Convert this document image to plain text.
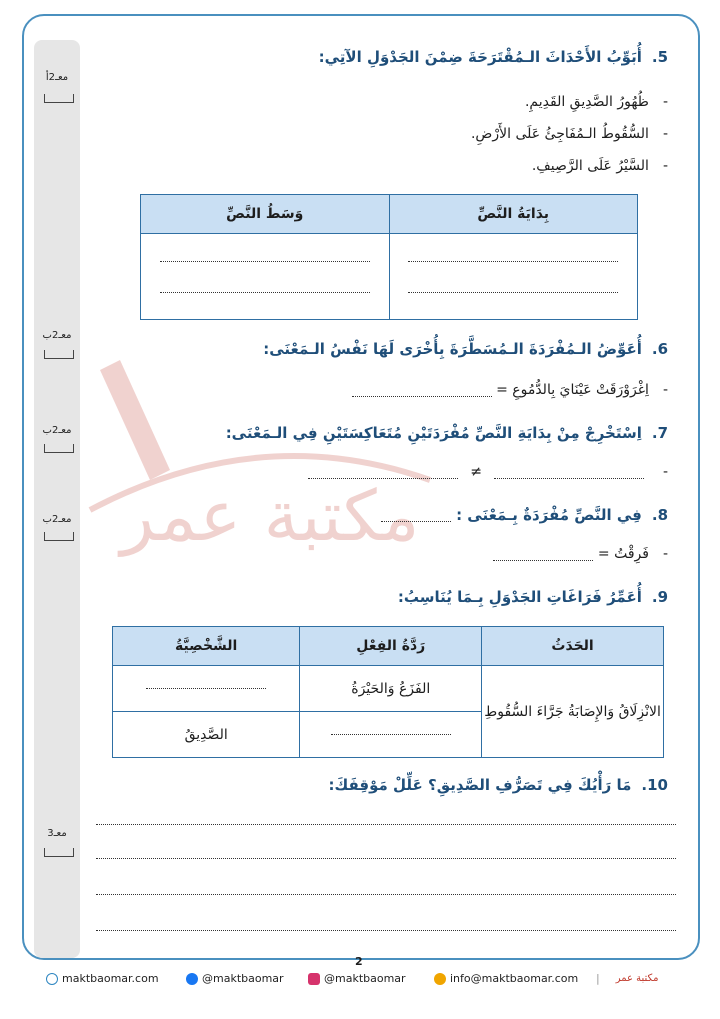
معـ2أ
معـ2ب
معـ2ب
معـ2ب
معـ3
مكتبة عمر
5.أُبَوِّبُ الأَحْدَاثَ الـمُقْتَرَحَةَ ضِمْنَ الجَدْوَلِ الآتِي:
-ظُهُورُ الصَّدِيقِ القَدِيمِ.
-السُّقُوطُ الـمُفَاجِئُ عَلَى الأَرْضِ.
-السَّيْرُ عَلَى الرَّصِيفِ.
بِدَايَةُ النَّصِّ	وَسَطُ النَّصِّ

6.أُعَوِّضُ الـمُفْرَدَةَ الـمُسَطَّرَةَ بِأُخْرَى لَهَا نَفْسُ الـمَعْنَى:
-اِغْرَوْرَقَتْ عَيْنَايَ بِالدُّمُوعِ =
7.اِسْتَخْرِجْ مِنْ بِدَايَةِ النَّصِّ مُفْرَدَتَيْنِ مُتَعَاكِسَتَيْنِ فِي الـمَعْنَى:
-  ≠
8.فِي النَّصِّ مُفْرَدَةٌ بِـمَعْنَى :
-فَرِقْتُ =
9.أُعَمِّرُ فَرَاغَاتِ الجَدْوَلِ بِـمَا يُنَاسِبُ:
الحَدَثُ	رَدَّةُ الفِعْلِ	الشَّخْصِيَّةُ
الانْزِلَاقُ وَالإِصَابَةُ جَرَّاءَ السُّقُوطِ	الفَزَعُ وَالحَيْرَةُ	

		الصَّدِيقُ
10.مَا رَأْيُكَ فِي تَصَرُّفِ الصَّدِيقِ؟ عَلِّلْ مَوْقِفَكَ:
2
maktbaomar.com	@maktbaomar	@maktbaomar	info@maktbaomar.com | مكتبة عمر
